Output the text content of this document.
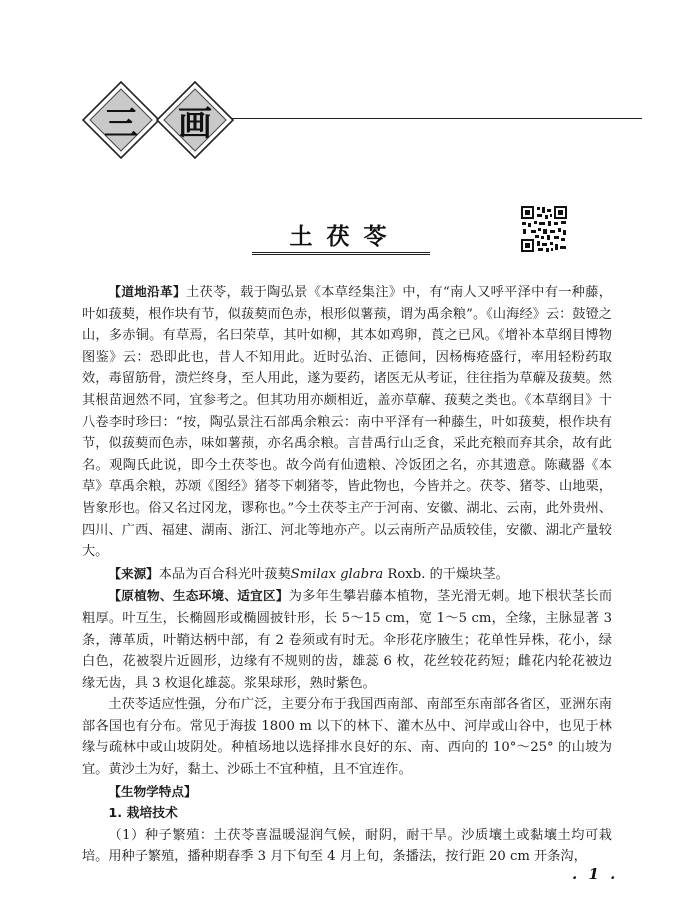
三	画
土茯苓

【道地沿革】土茯苓，载于陶弘景《本草经集注》中，有“南人又呼平泽中有一种藤，叶如菝葜，根作块有节，似菝葜而色赤，根形似薯蓣，谓为禹余粮”。《山海经》云：鼓镫之山，多赤铜。有草焉，名曰荣草，其叶如柳，其本如鸡卵，莨之已风。《增补本草纲目博物图鉴》云：恐即此也，昔人不知用此。近时弘治、正德间，因杨梅疮盛行，率用轻粉药取效，毒留筋骨，溃烂终身，至人用此，遂为要药，诸医无从考证，往往指为草薢及菝葜。然其根苗迥然不同，宜参考之。但其功用亦颇相近，盖亦草薢、菝葜之类也。《本草纲目》十八卷李时珍曰：“按，陶弘景注石部禹余粮云：南中平泽有一种藤生，叶如菝葜，根作块有节，似菝葜而色赤，味如薯蓣，亦名禹余粮。言昔禹行山乏食，采此充粮而弃其余，故有此名。观陶氏此说，即今土茯苓也。故今尚有仙遗粮、冷饭团之名，亦其遗意。陈藏器《本草》草禹余粮，苏颂《图经》猪苓下刺猪苓，皆此物也，今皆并之。茯苓、猪苓、山地栗，皆象形也。俗又名过冈龙，谬称也。”今土茯苓主产于河南、安徽、湖北、云南，此外贵州、四川、广西、福建、湖南、浙江、河北等地亦产。以云南所产品质较佳，安徽、湖北产量较大。

【来源】本品为百合科光叶菝葜Smilax glabra Roxb. 的干燥块茎。

【原植物、生态环境、适宜区】为多年生攀岩藤本植物，茎光滑无刺。地下根状茎长而粗厚。叶互生，长椭圆形或椭圆披针形，长 5～15 cm，宽 1～5 cm，全缘，主脉显著 3 条，薄革质，叶鞘达柄中部，有 2 卷须或有时无。伞形花序腋生；花单性异株，花小，绿白色，花被裂片近圆形，边缘有不规则的齿，雄蕊 6 枚，花丝较花药短；雌花内轮花被边缘无齿，具 3 枚退化雄蕊。浆果球形，熟时紫色。

土茯苓适应性强，分布广泛，主要分布于我国西南部、南部至东南部各省区，亚洲东南部各国也有分布。常见于海拔 1800 m 以下的林下、灌木丛中、河岸或山谷中，也见于林缘与疏林中或山坡阴处。种植场地以选择排水良好的东、南、西向的 10°～25° 的山坡为宜。黄沙土为好，黏土、沙砾土不宜种植，且不宜连作。

【生物学特点】

1. 栽培技术

（1）种子繁殖：土茯苓喜温暖湿润气候，耐阴，耐干旱。沙质壤土或黏壤土均可栽培。用种子繁殖，播种期春季 3 月下旬至 4 月上旬，条播法，按行距 20 cm 开条沟，

. 1 .
